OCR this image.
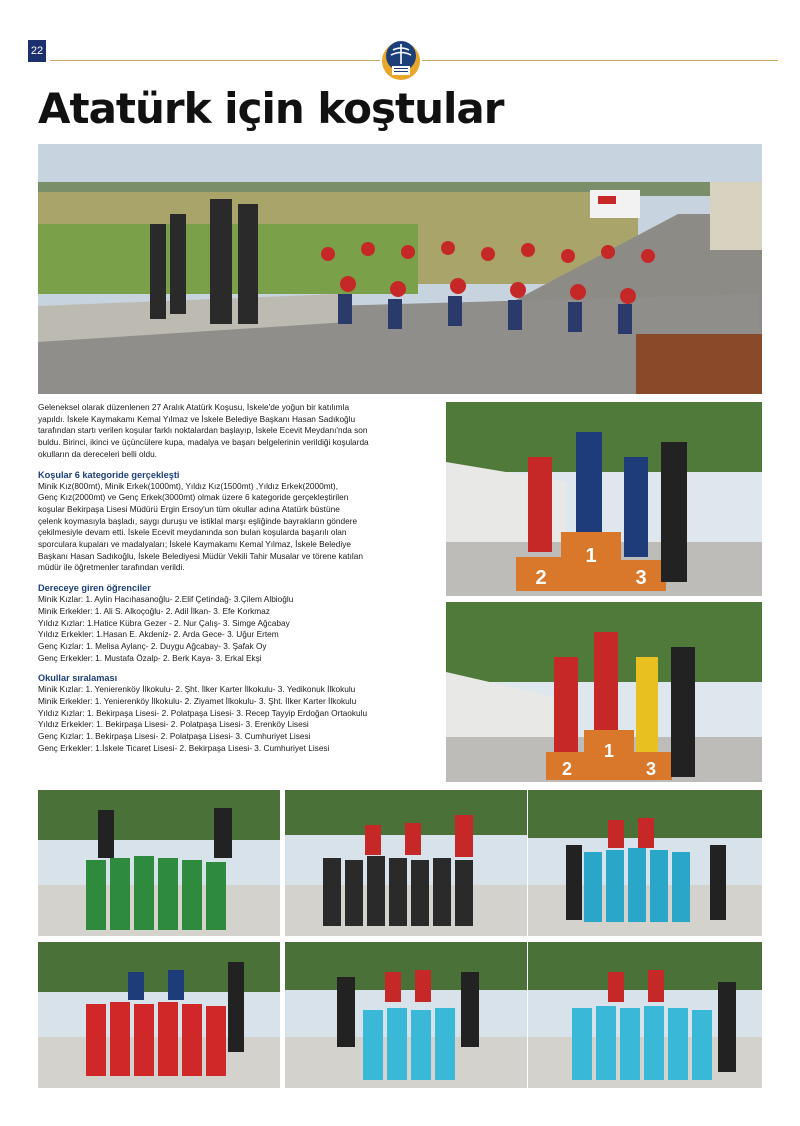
22
Atatürk için koştular
Geleneksel olarak düzenlenen 27 Aralık Atatürk Koşusu, İskele'de yoğun bir katılımla
yapıldı. İskele Kaymakamı Kemal Yılmaz ve İskele Belediye Başkanı Hasan Sadıkoğlu
tarafından startı verilen koşular farklı noktalardan başlayıp, İskele Ecevit Meydanı'nda son
buldu. Birinci, ikinci ve üçüncülere kupa, madalya ve başarı belgelerinin verildiği koşularda
okulların da dereceleri belli oldu.
Koşular 6 kategoride gerçekleşti
Minik Kız(800mt), Minik Erkek(1000mt), Yıldız Kız(1500mt) ,Yıldız Erkek(2000mt),
Genç Kız(2000mt) ve Genç Erkek(3000mt) olmak üzere 6 kategoride gerçekleştirilen
koşular Bekirpaşa Lisesi Müdürü Ergin Ersoy'un tüm okullar adına Atatürk büstüne
çelenk koymasıyla başladı, saygı duruşu ve istiklal marşı eşliğinde bayrakların göndere
çekilmesiyle devam etti. İskele Ecevit meydanında son bulan koşularda başarılı olan
sporculara kupaları ve madalyaları; İskele Kaymakamı Kemal Yılmaz, İskele Belediye
Başkanı Hasan Sadıkoğlu, İskele Belediyesi Müdür Vekili Tahir Musalar ve törene katılan
müdür ile öğretmenler tarafından verildi.
Dereceye giren öğrenciler
Minik Kızlar: 1. Aylin Hacıhasanoğlu- 2.Elif Çetindağ- 3.Çilem Albioğlu
Minik Erkekler: 1. Ali S. Alkoçoğlu- 2. Adil İlkan- 3. Efe Korkmaz
Yıldız Kızlar: 1.Hatice Kübra Gezer - 2. Nur Çalış- 3. Simge Ağcabay
Yıldız Erkekler: 1.Hasan E. Akdeniz- 2. Arda Gece- 3. Uğur Ertem
Genç Kızlar: 1. Melisa Aylanç- 2. Duygu Ağcabay- 3. Şafak Oy
Genç Erkekler: 1. Mustafa Özalp- 2. Berk Kaya- 3. Erkal Ekşi
Okullar sıralaması
Minik Kızlar: 1. Yenierenköy İlkokulu- 2. Şht. İlker Karter İlkokulu- 3. Yedikonuk İlkokulu
Minik Erkekler: 1. Yenierenköy İlkokulu- 2. Ziyamet İlkokulu- 3. Şht. İlker Karter İlkokulu
Yıldız Kızlar: 1. Bekirpaşa Lisesi- 2. Polatpaşa Lisesi- 3. Recep Tayyip Erdoğan Ortaokulu
Yıldız Erkekler: 1. Bekirpaşa Lisesi- 2. Polatpaşa Lisesi- 3. Erenköy Lisesi
Genç Kızlar: 1. Bekirpaşa Lisesi- 2. Polatpaşa Lisesi- 3. Cumhuriyet Lisesi
Genç Erkekler: 1.İskele Ticaret Lisesi- 2. Bekirpaşa Lisesi- 3. Cumhuriyet Lisesi
2
1
3
2
1
3
